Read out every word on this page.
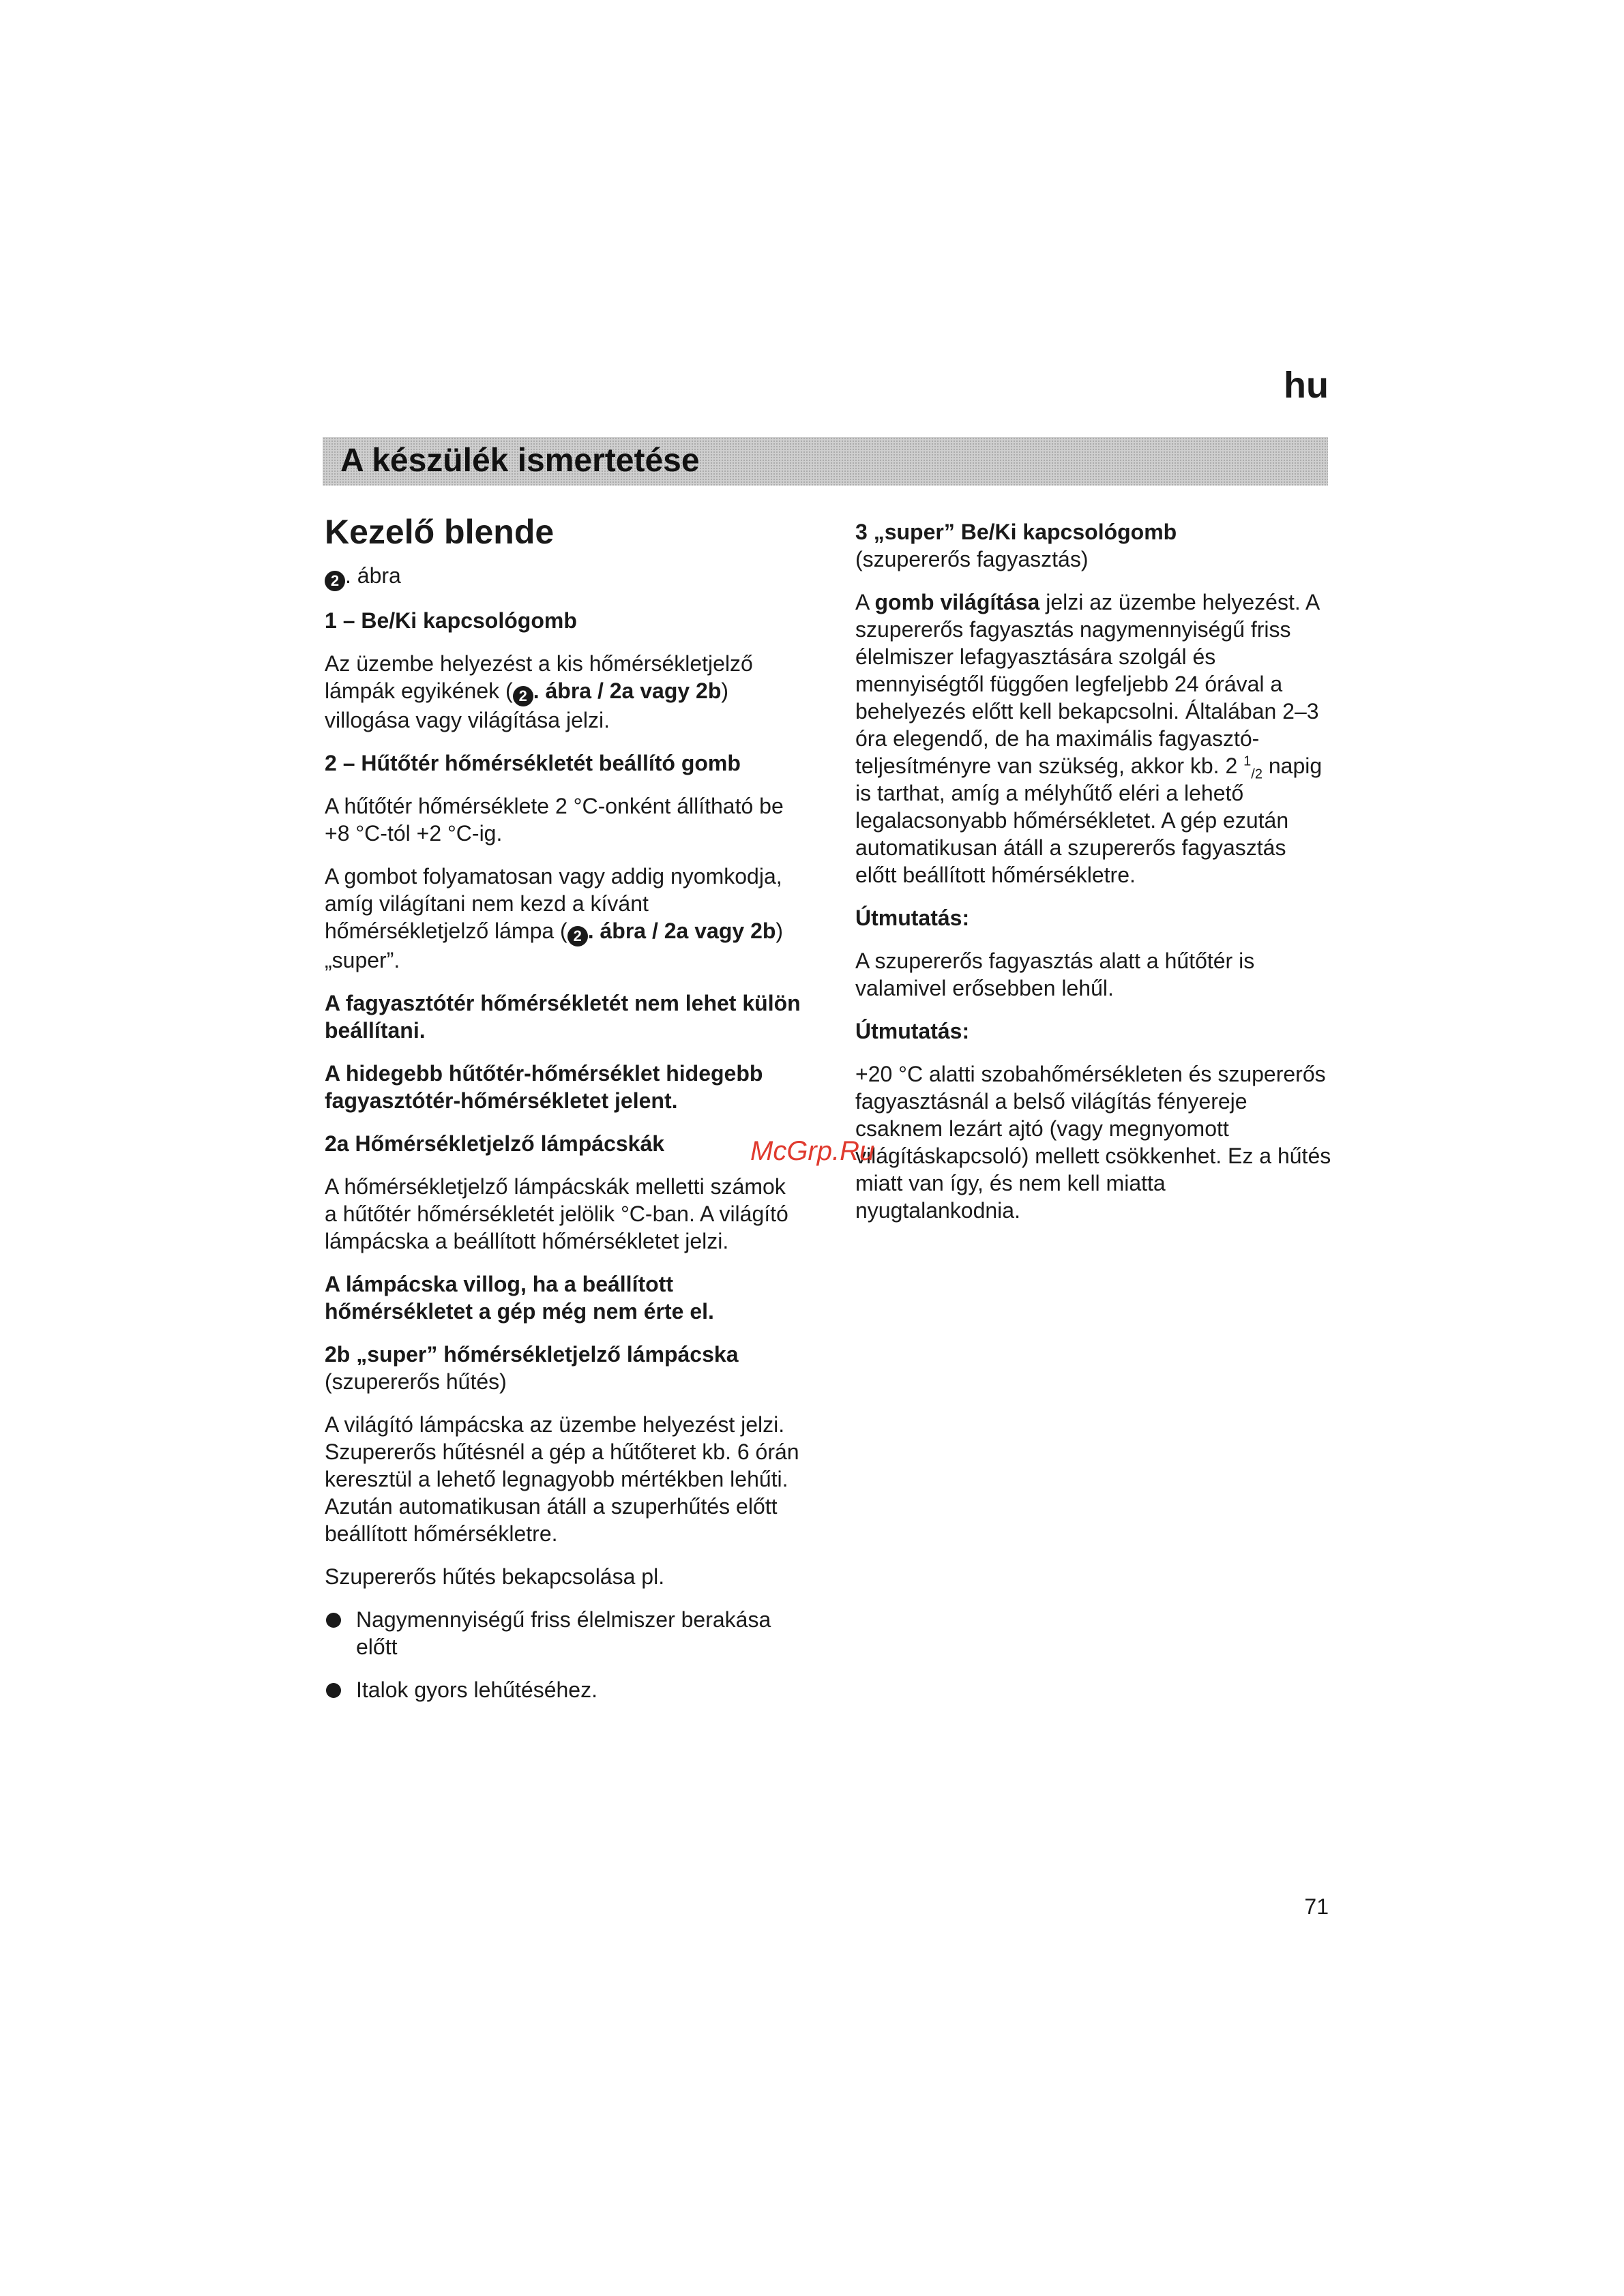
hu
A készülék ismertetése
Kezelő blende

2 . ábra

1 – Be/Ki kapcsológomb

Az üzembe helyezést a kis hőmérsékletjelző lámpák egyikének ( 2 . ábra / 2a vagy 2b) villogása vagy világítása jelzi.

2 – Hűtőtér hőmérsékletét beállító gomb

A hűtőtér hőmérséklete 2 °C-onként állítható be +8 °C-tól +2 °C-ig.

A gombot folyamatosan vagy addig nyomkodja, amíg világítani nem kezd a kívánt hőmérsékletjelző lámpa ( 2 . ábra / 2a vagy 2b) „super”.

A fagyasztótér hőmérsékletét nem lehet külön beállítani.

A hidegebb hűtőtér-hőmérséklet hidegebb fagyasztótér-hőmérsékletet jelent.

2a Hőmérsékletjelző lámpácskák

A hőmérsékletjelző lámpácskák melletti számok a hűtőtér hőmérsékletét jelölik °C-ban. A világító lámpácska a beállított hőmérsékletet jelzi.

A lámpácska villog, ha a beállított hőmérsékletet a gép még nem érte el.

2b „super” hőmérsékletjelző lámpácska
(szupererős hűtés)

A világító lámpácska az üzembe helyezést jelzi. Szupererős hűtésnél a gép a hűtőteret kb. 6 órán keresztül a lehető legnagyobb mértékben lehűti. Azután automatikusan átáll a szuperhűtés előtt beállított hőmérsékletre.

Szupererős hűtés bekapcsolása pl.

Nagymennyiségű friss élelmiszer berakása előtt
Italok gyors lehűtéséhez.

3 „super” Be/Ki kapcsológomb
(szupererős fagyasztás)

A gomb világítása jelzi az üzembe helyezést. A szupererős fagyasztás nagymennyiségű friss élelmiszer lefagyasztására szolgál és mennyiségtől függően legfeljebb 24 órával a behelyezés előtt kell bekapcsolni. Általában 2–3 óra elegendő, de ha maximális fagyasztó-teljesítményre van szükség, akkor kb. 2 $^1_{/2}$ napig is tarthat, amíg a mélyhűtő eléri a lehető legalacsonyabb hőmérsékletet. A gép ezután automatikusan átáll a szupererős fagyasztás előtt beállított hőmérsékletre.

Útmutatás:

A szupererős fagyasztás alatt a hűtőtér is valamivel erősebben lehűl.

Útmutatás:

+20 °C alatti szobahőmérsékleten és szupererős fagyasztásnál a belső világítás fényereje csaknem lezárt ajtó (vagy megnyomott világításkapcsoló) mellett csökkenhet. Ez a hűtés miatt van így, és nem kell miatta nyugtalankodnia.

McGrp.Ru
71
